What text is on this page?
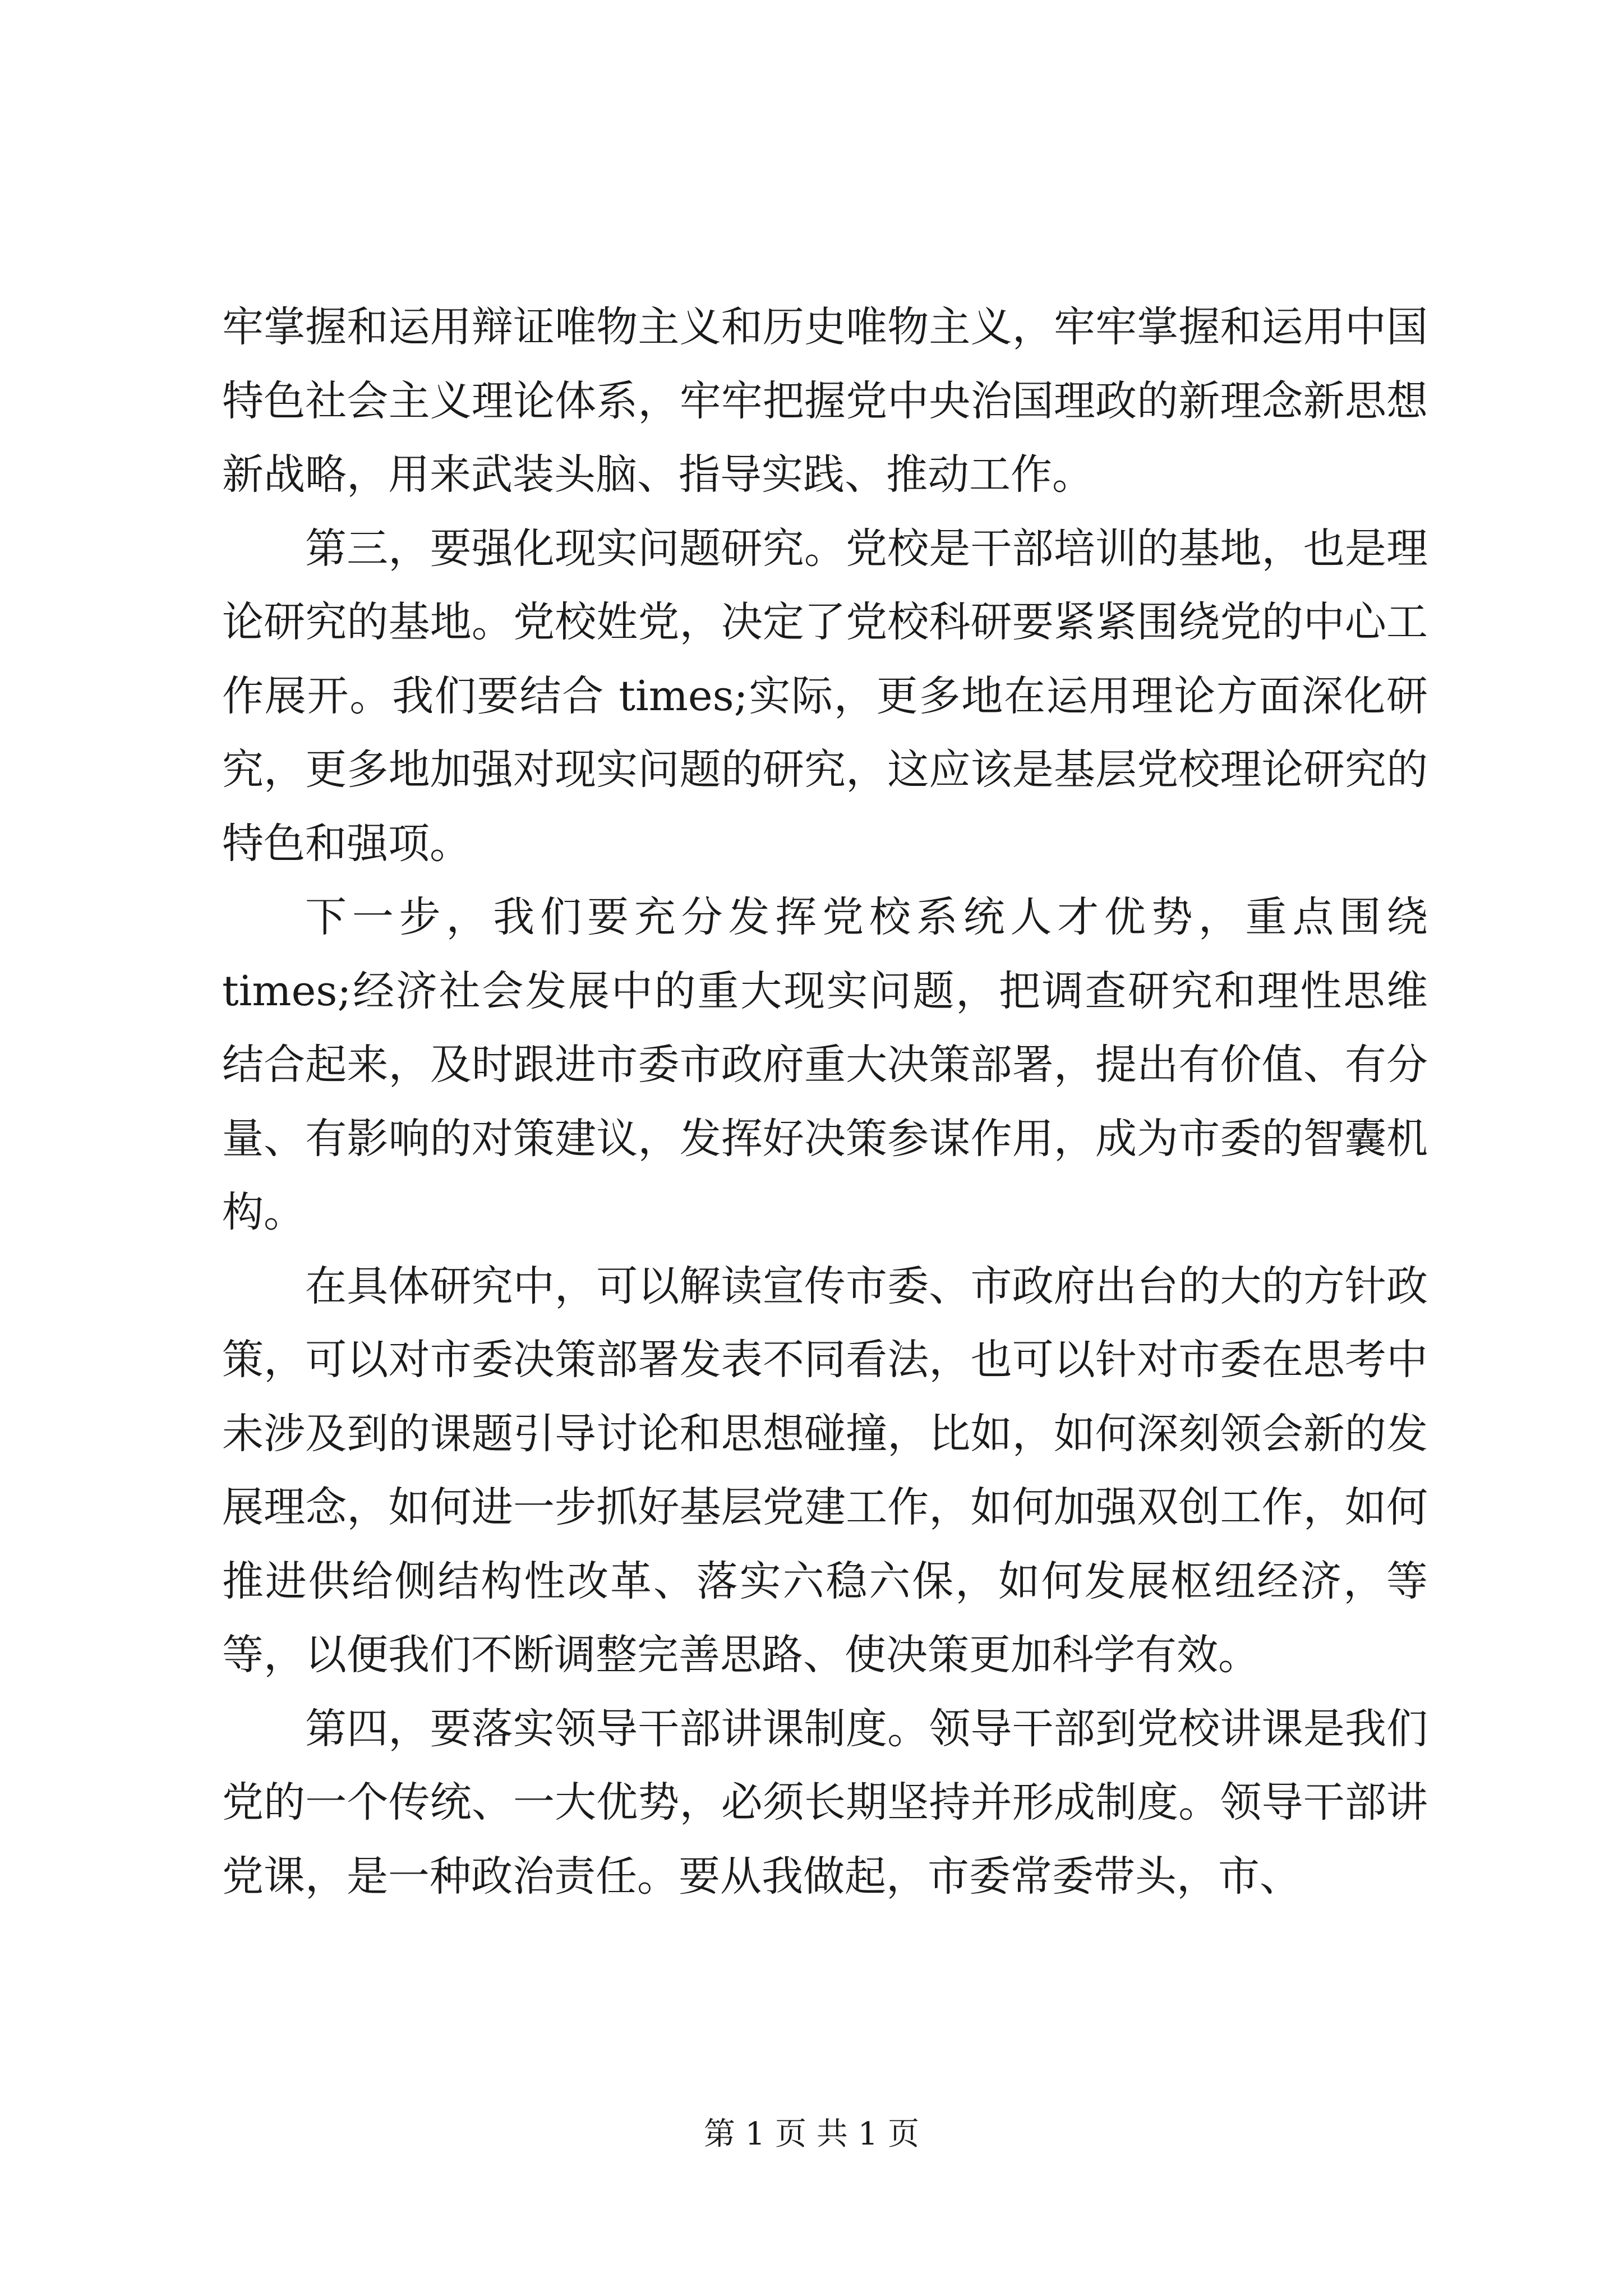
牢掌握和运用辩证唯物主义和历史唯物主义，牢牢掌握和运用中国特色社会主义理论体系，牢牢把握党中央治国理政的新理念新思想新战略，用来武装头脑、指导实践、推动工作。

第三，要强化现实问题研究。党校是干部培训的基地，也是理论研究的基地。党校姓党，决定了党校科研要紧紧围绕党的中心工作展开。我们要结合 times;实际，更多地在运用理论方面深化研究，更多地加强对现实问题的研究，这应该是基层党校理论研究的特色和强项。

下一步，我们要充分发挥党校系统人才优势，重点围绕times;经济社会发展中的重大现实问题，把调查研究和理性思维结合起来，及时跟进市委市政府重大决策部署，提出有价值、有分量、有影响的对策建议，发挥好决策参谋作用，成为市委的智囊机构。

在具体研究中，可以解读宣传市委、市政府出台的大的方针政策，可以对市委决策部署发表不同看法，也可以针对市委在思考中未涉及到的课题引导讨论和思想碰撞，比如，如何深刻领会新的发展理念，如何进一步抓好基层党建工作，如何加强双创工作，如何推进供给侧结构性改革、落实六稳六保，如何发展枢纽经济，等等，以便我们不断调整完善思路、使决策更加科学有效。

第四，要落实领导干部讲课制度。领导干部到党校讲课是我们党的一个传统、一大优势，必须长期坚持并形成制度。领导干部讲党课，是一种政治责任。要从我做起，市委常委带头，市、

第 1 页 共 1 页
